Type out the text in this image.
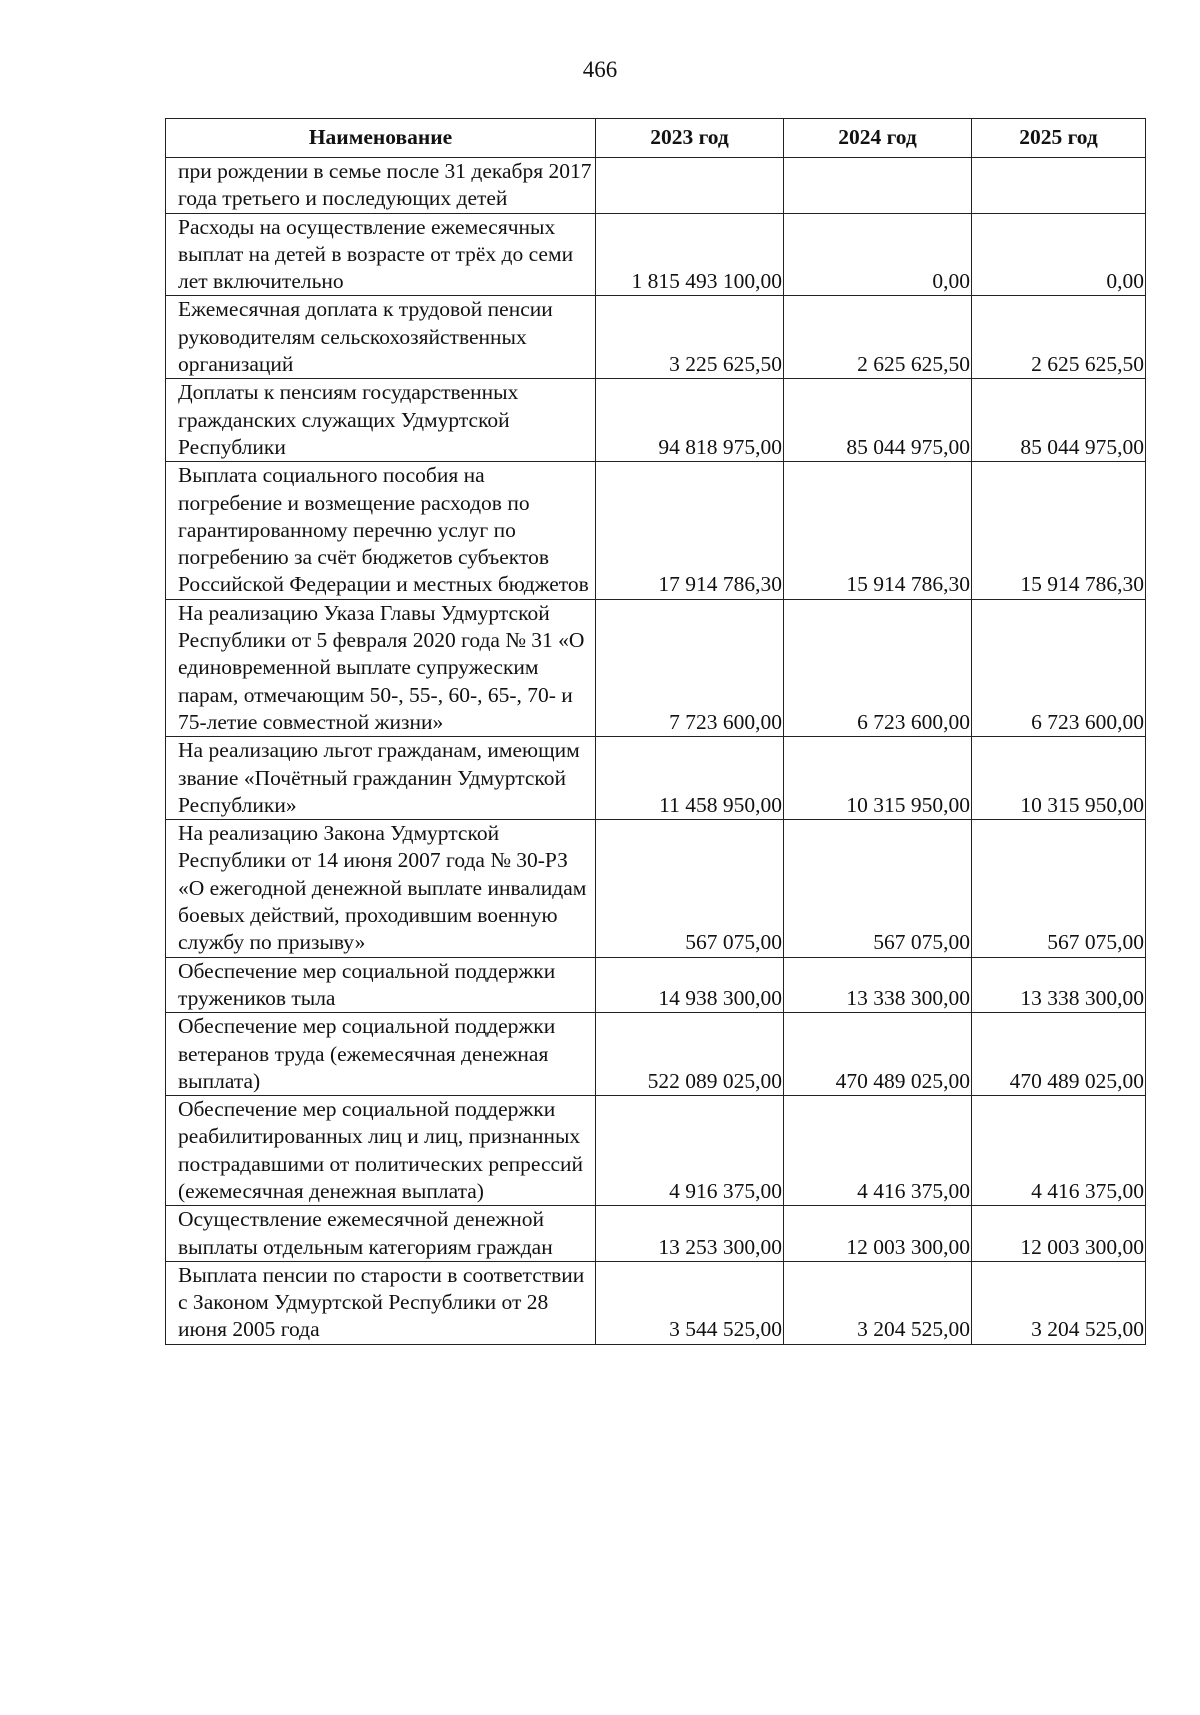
466
Наименование	2023 год	2024 год	2025 год
при рождении в семье после 31 декабря 2017 года третьего и последующих детей			
Расходы на осуществление ежемесячных выплат на детей в возрасте от трёх до семи лет включительно	1 815 493 100,00	0,00	0,00
Ежемесячная доплата к трудовой пенсии руководителям сельскохозяйственных организаций	3 225 625,50	2 625 625,50	2 625 625,50
Доплаты к пенсиям государственных гражданских служащих Удмуртской Республики	94 818 975,00	85 044 975,00	85 044 975,00
Выплата социального пособия на погребение и возмещение расходов по гарантированному перечню услуг по погребению за счёт бюджетов субъектов Российской Федерации и местных бюджетов	17 914 786,30	15 914 786,30	15 914 786,30
На реализацию Указа Главы Удмуртской Республики от 5 февраля 2020 года № 31 «О единовременной выплате супружеским парам, отмечающим 50-, 55-, 60-, 65-, 70- и 75-летие совместной жизни»	7 723 600,00	6 723 600,00	6 723 600,00
На реализацию льгот гражданам, имеющим звание «Почётный гражданин Удмуртской Республики»	11 458 950,00	10 315 950,00	10 315 950,00
На реализацию Закона Удмуртской Республики от 14 июня 2007 года № 30-РЗ «О ежегодной денежной выплате инвалидам боевых действий, проходившим военную службу по призыву»	567 075,00	567 075,00	567 075,00
Обеспечение мер социальной поддержки тружеников тыла	14 938 300,00	13 338 300,00	13 338 300,00
Обеспечение мер социальной поддержки ветеранов труда (ежемесячная денежная выплата)	522 089 025,00	470 489 025,00	470 489 025,00
Обеспечение мер социальной поддержки реабилитированных лиц и лиц, признанных пострадавшими от политических репрессий (ежемесячная денежная выплата)	4 916 375,00	4 416 375,00	4 416 375,00
Осуществление ежемесячной денежной выплаты отдельным категориям граждан	13 253 300,00	12 003 300,00	12 003 300,00
Выплата пенсии по старости в соответствии с Законом Удмуртской Республики от 28 июня 2005 года	3 544 525,00	3 204 525,00	3 204 525,00
